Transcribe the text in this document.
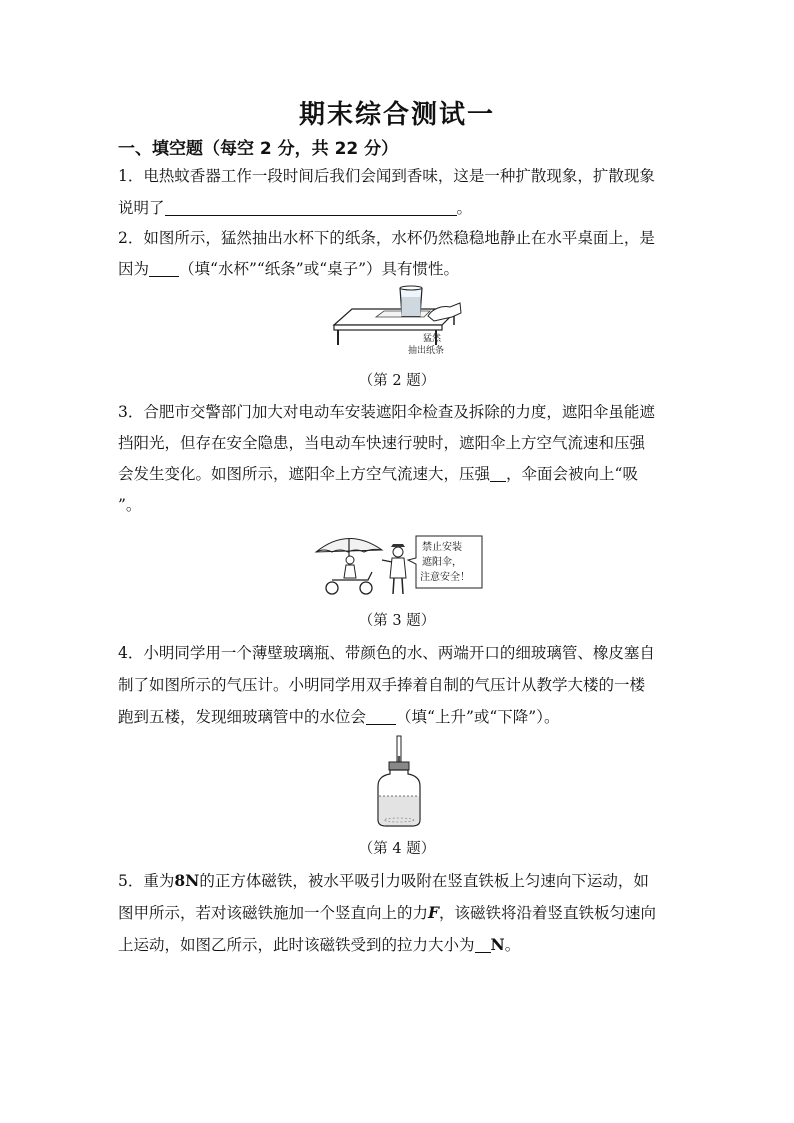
期末综合测试一
一、填空题（每空 2 分，共 22 分）
1．电热蚊香器工作一段时间后我们会闻到香味，这是一种扩散现象，扩散现象
说明了	。
2．如图所示，猛然抽出水杯下的纸条，水杯仍然稳稳地静止在水平桌面上，是
因为 （填“水杯”“纸条”或“桌子”）具有惯性。
猛然
抽出纸条
（第 2 题）
3．合肥市交警部门加大对电动车安装遮阳伞检查及拆除的力度，遮阳伞虽能遮
挡阳光，但存在安全隐患，当电动车快速行驶时，遮阳伞上方空气流速和压强
会发生变化。如图所示，遮阳伞上方空气流速大，压强 ，伞面会被向上“吸
”。
禁止安装
遮阳伞，
注意安全！
（第 3 题）
4．小明同学用一个薄壁玻璃瓶、带颜色的水、两端开口的细玻璃管、橡皮塞自
制了如图所示的气压计。小明同学用双手捧着自制的气压计从教学大楼的一楼
跑到五楼，发现细玻璃管中的水位会 （填“上升”或“下降”）。
（第 4 题）
5．重为8N的正方体磁铁，被水平吸引力吸附在竖直铁板上匀速向下运动，如
图甲所示，若对该磁铁施加一个竖直向上的力F，该磁铁将沿着竖直铁板匀速向
上运动，如图乙所示，此时该磁铁受到的拉力大小为 N。
